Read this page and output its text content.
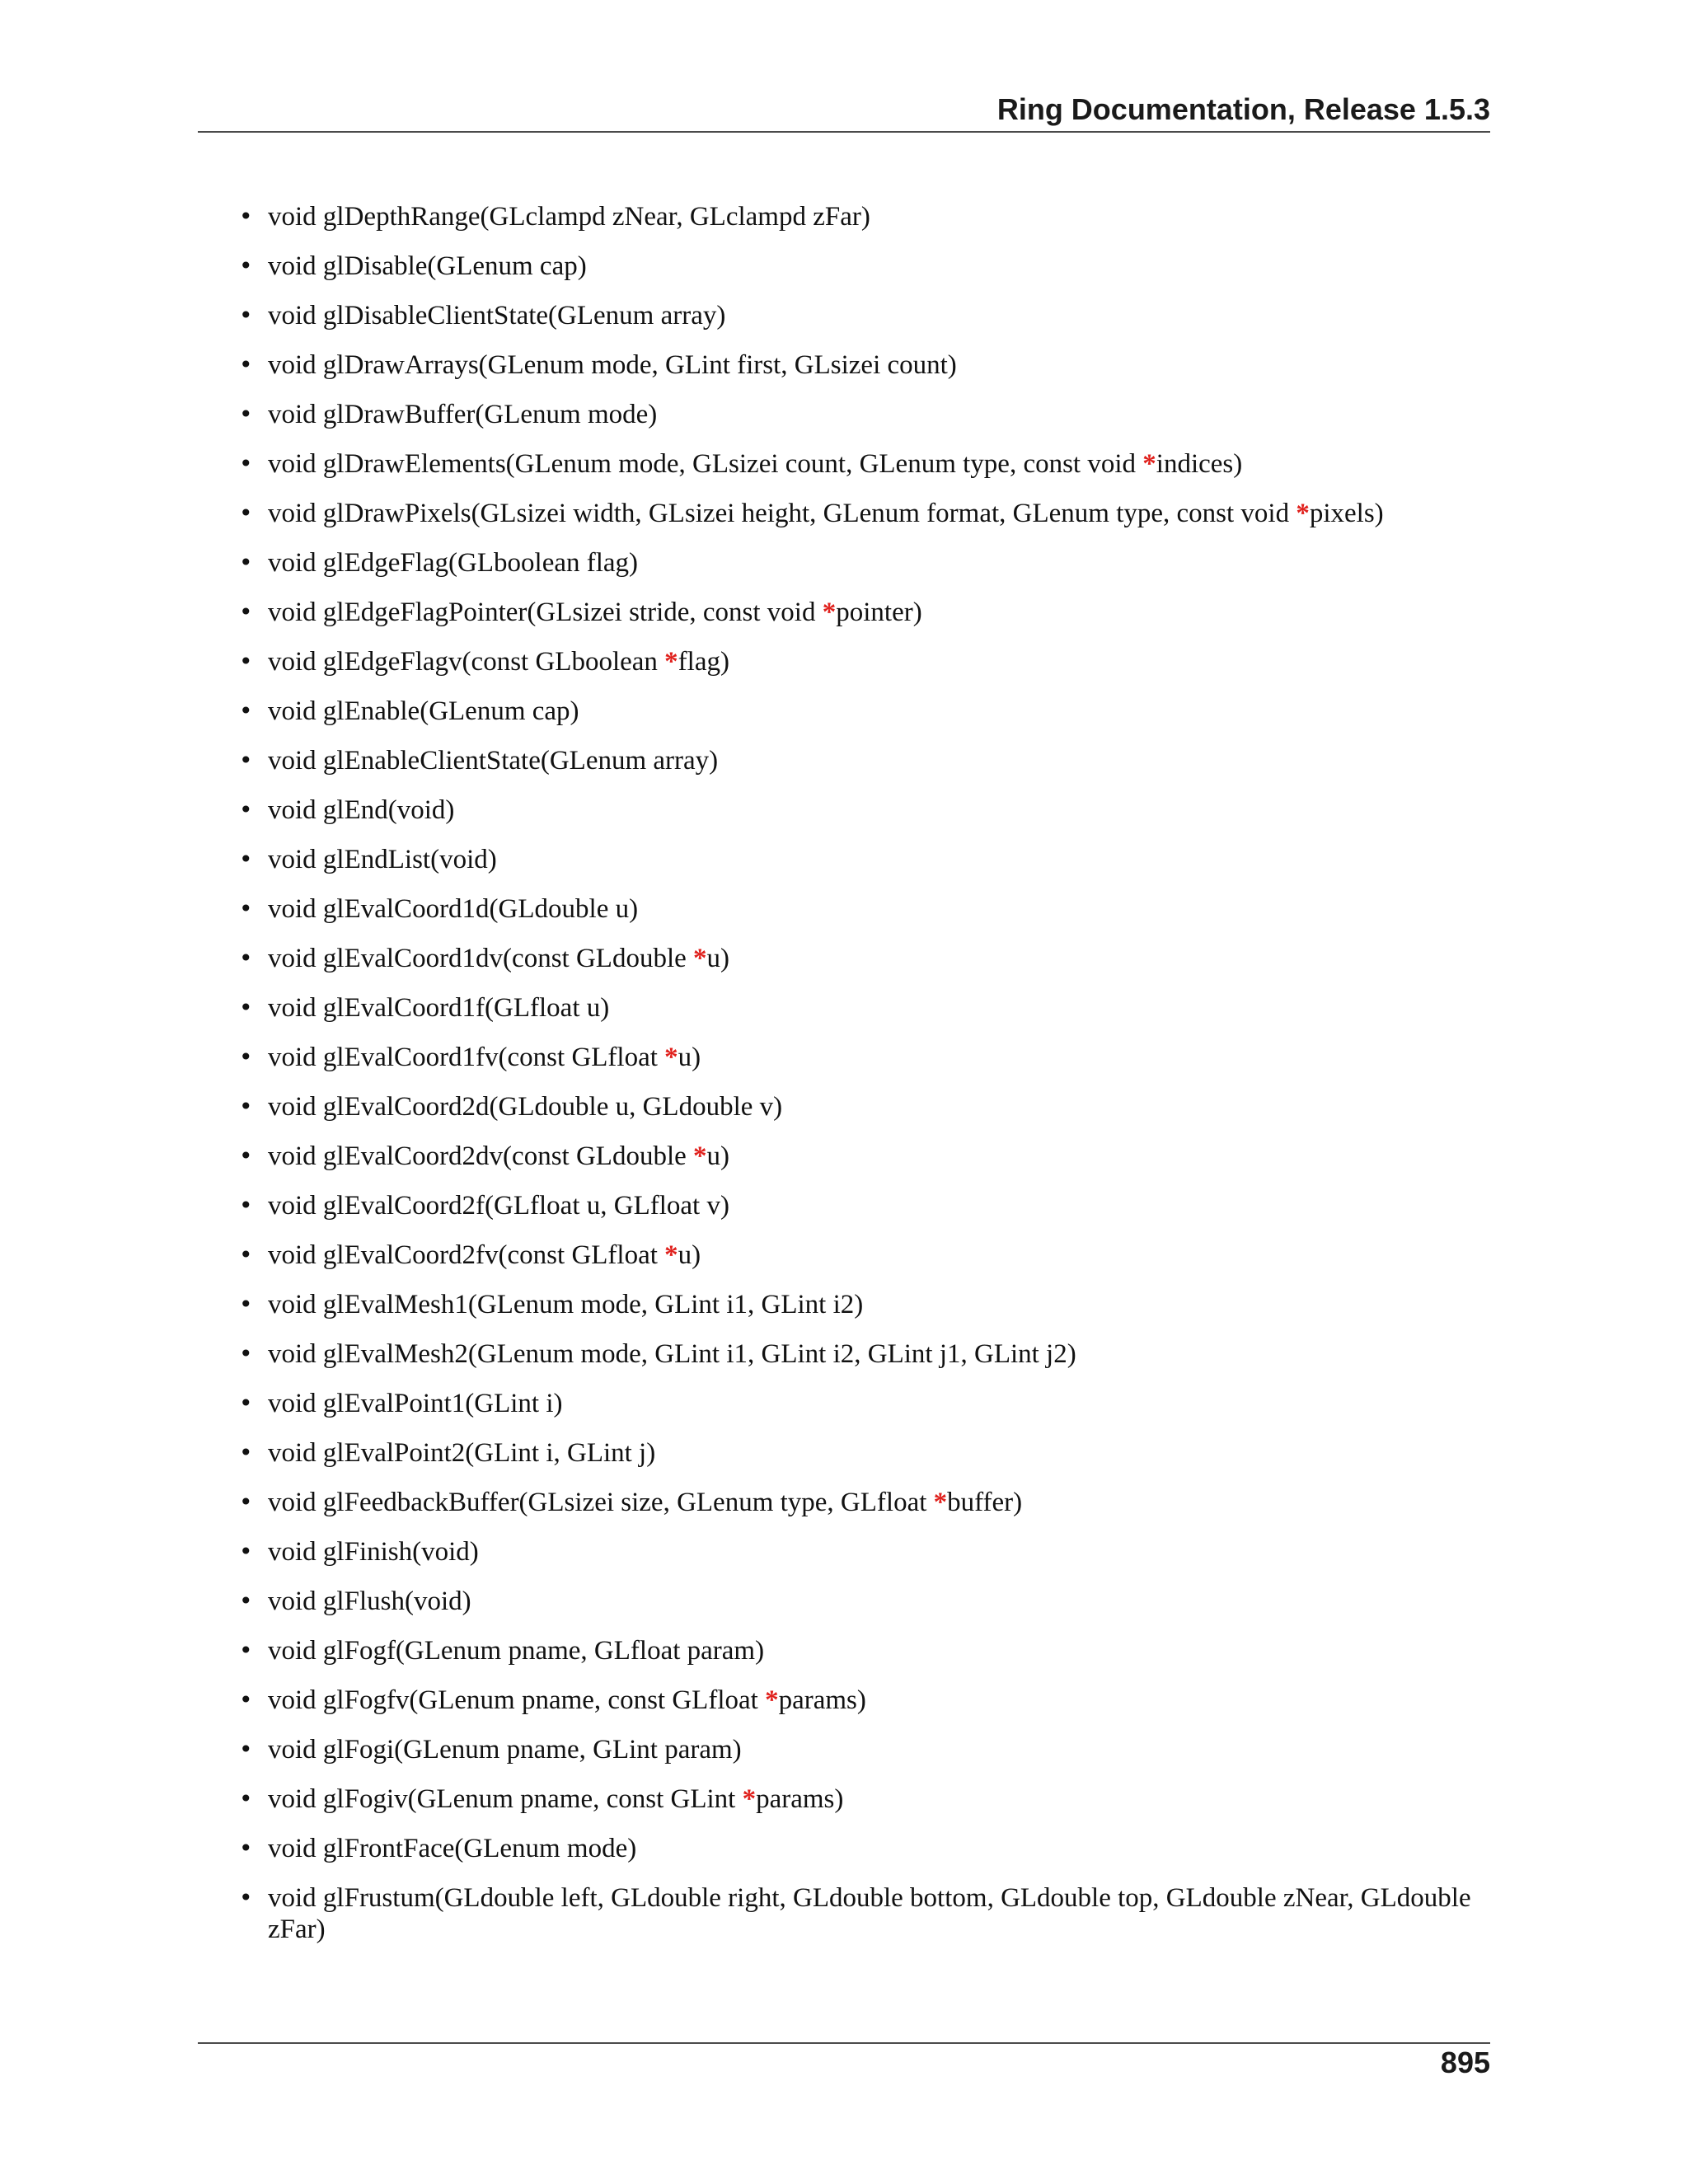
Ring Documentation, Release 1.5.3
• void glDepthRange(GLclampd zNear, GLclampd zFar)
• void glDisable(GLenum cap)
• void glDisableClientState(GLenum array)
• void glDrawArrays(GLenum mode, GLint first, GLsizei count)
• void glDrawBuffer(GLenum mode)
• void glDrawElements(GLenum mode, GLsizei count, GLenum type, const void *indices)
• void glDrawPixels(GLsizei width, GLsizei height, GLenum format, GLenum type, const void *pixels)
• void glEdgeFlag(GLboolean flag)
• void glEdgeFlagPointer(GLsizei stride, const void *pointer)
• void glEdgeFlagv(const GLboolean *flag)
• void glEnable(GLenum cap)
• void glEnableClientState(GLenum array)
• void glEnd(void)
• void glEndList(void)
• void glEvalCoord1d(GLdouble u)
• void glEvalCoord1dv(const GLdouble *u)
• void glEvalCoord1f(GLfloat u)
• void glEvalCoord1fv(const GLfloat *u)
• void glEvalCoord2d(GLdouble u, GLdouble v)
• void glEvalCoord2dv(const GLdouble *u)
• void glEvalCoord2f(GLfloat u, GLfloat v)
• void glEvalCoord2fv(const GLfloat *u)
• void glEvalMesh1(GLenum mode, GLint i1, GLint i2)
• void glEvalMesh2(GLenum mode, GLint i1, GLint i2, GLint j1, GLint j2)
• void glEvalPoint1(GLint i)
• void glEvalPoint2(GLint i, GLint j)
• void glFeedbackBuffer(GLsizei size, GLenum type, GLfloat *buffer)
• void glFinish(void)
• void glFlush(void)
• void glFogf(GLenum pname, GLfloat param)
• void glFogfv(GLenum pname, const GLfloat *params)
• void glFogi(GLenum pname, GLint param)
• void glFogiv(GLenum pname, const GLint *params)
• void glFrontFace(GLenum mode)
• void glFrustum(GLdouble left, GLdouble right, GLdouble bottom, GLdouble top, GLdouble zNear, GLdouble zFar)
895
